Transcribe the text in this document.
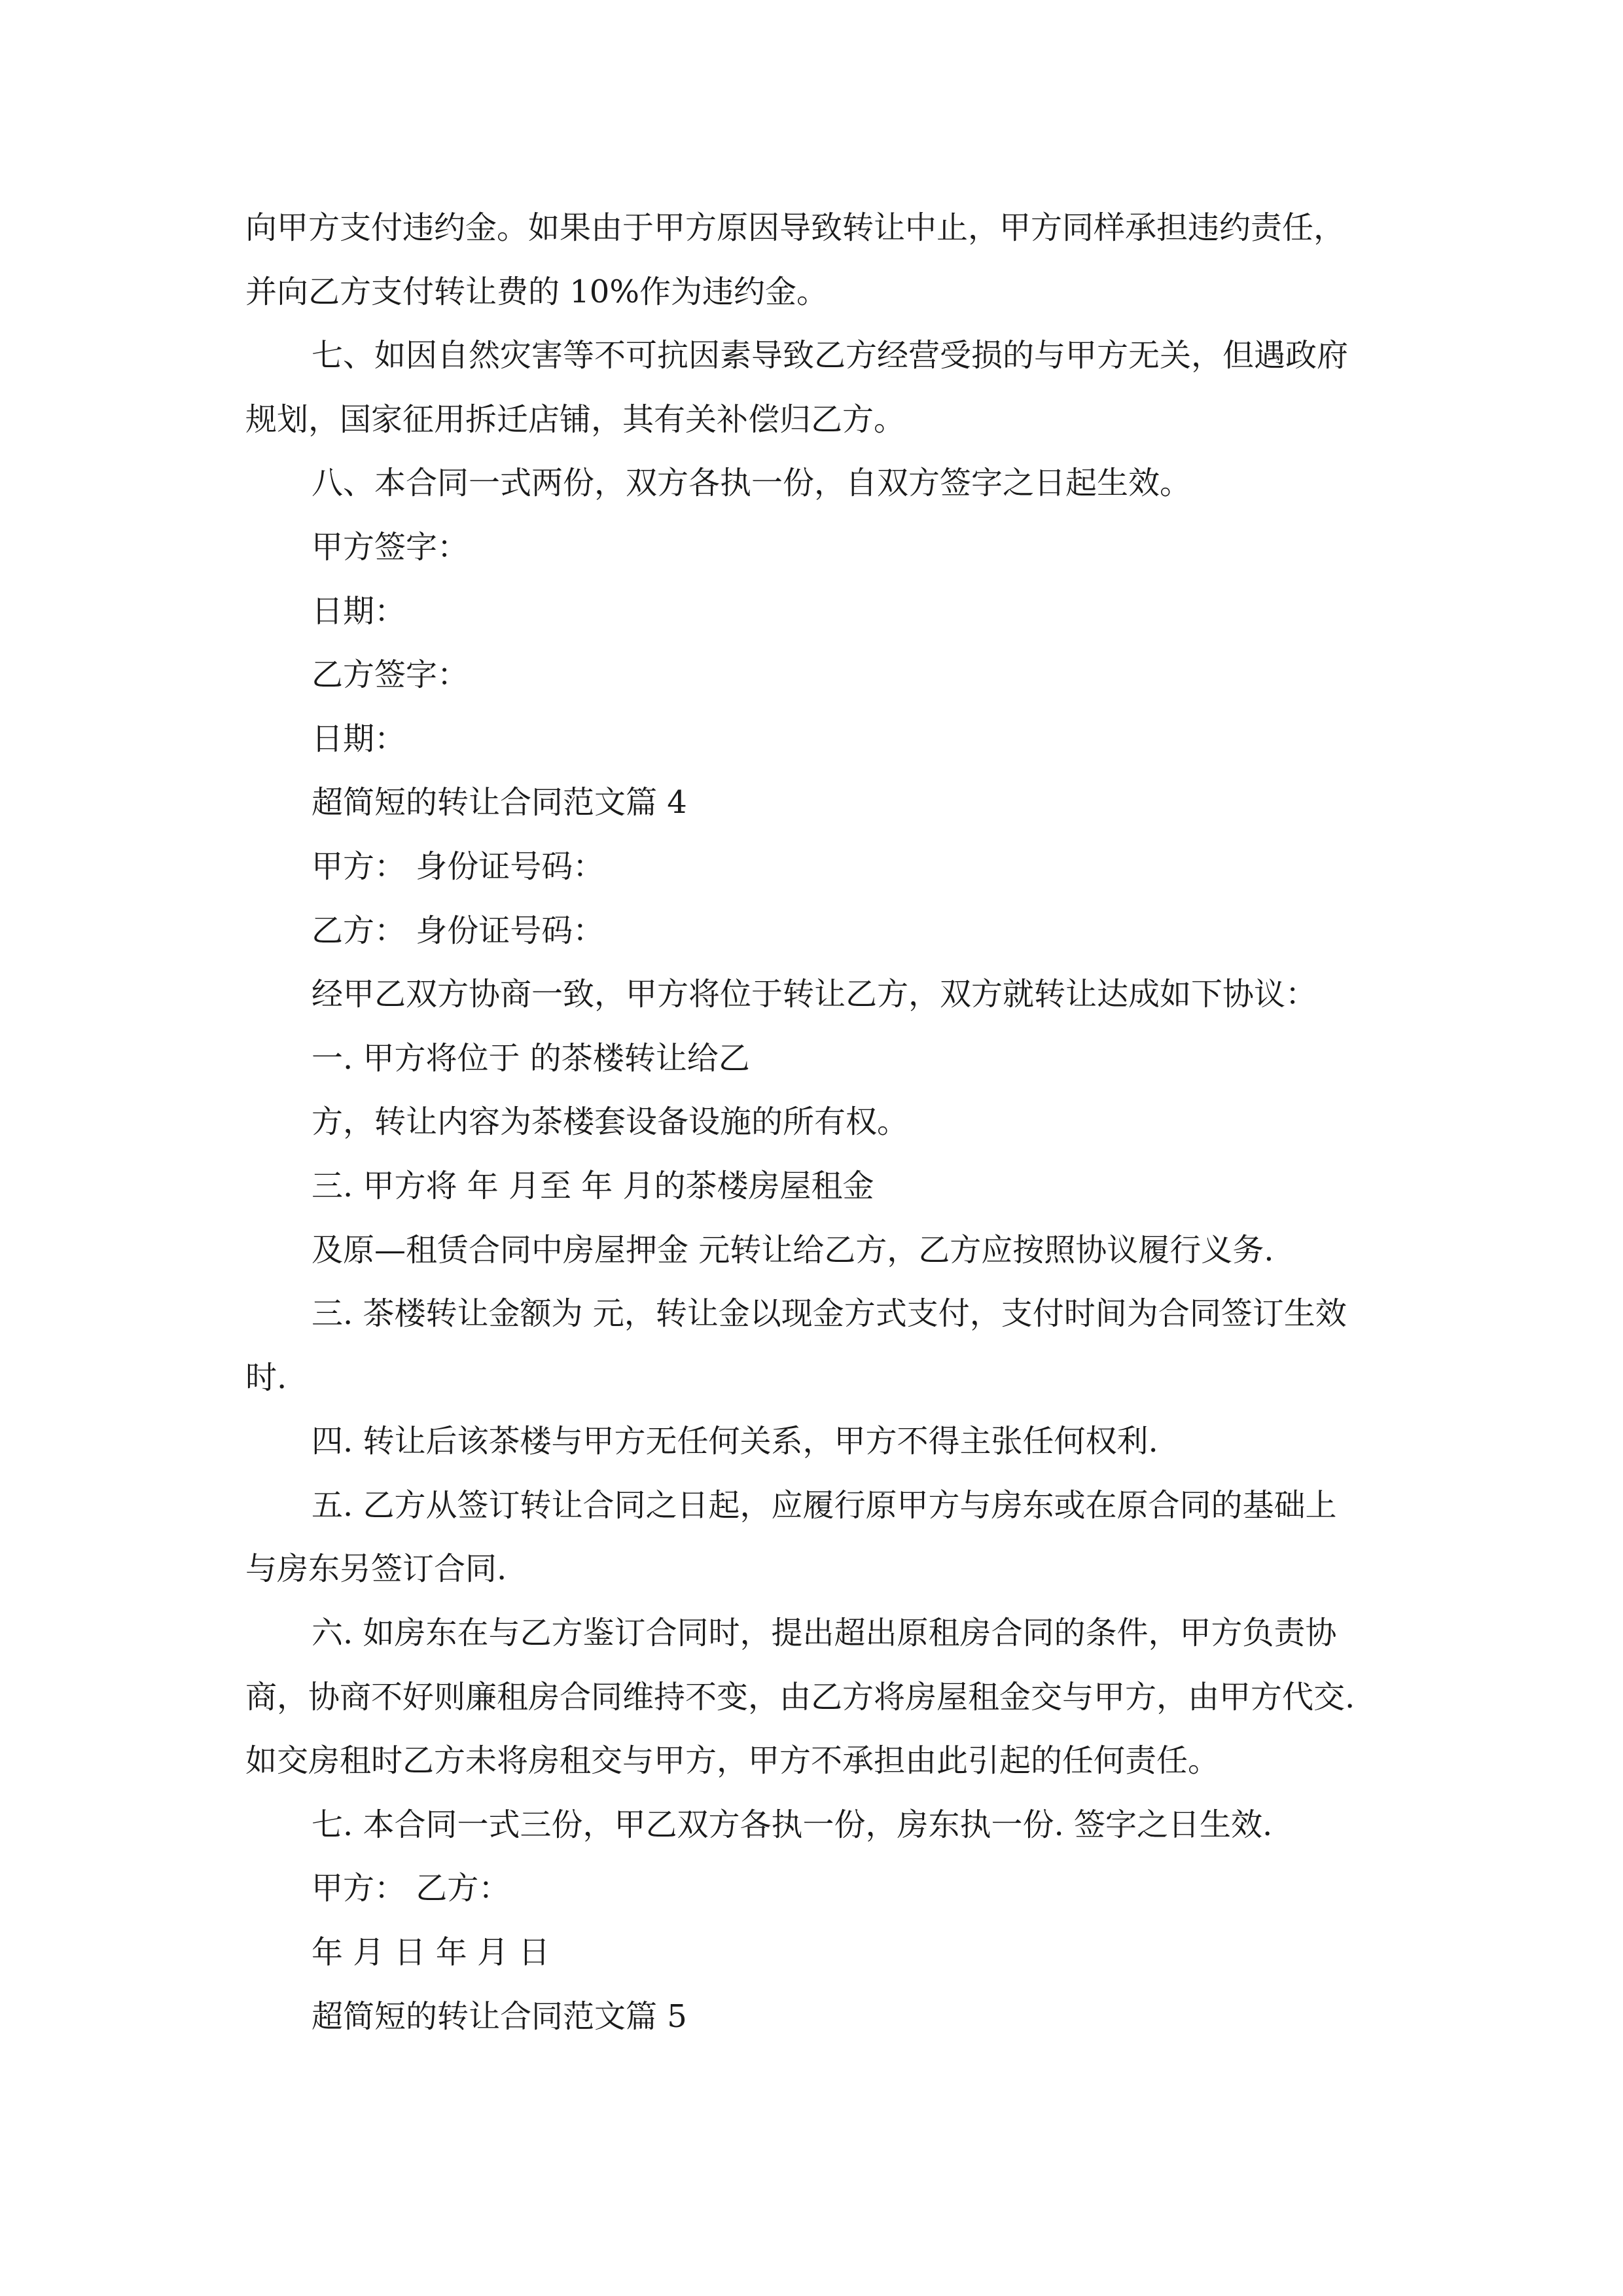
向甲方支付违约金。如果由于甲方原因导致转让中止，甲方同样承担违约责任，

并向乙方支付转让费的 10%作为违约金。

七、如因自然灾害等不可抗因素导致乙方经营受损的与甲方无关，但遇政府

规划，国家征用拆迁店铺，其有关补偿归乙方。

八、本合同一式两份，双方各执一份，自双方签字之日起生效。

甲方签字：

日期：

乙方签字：

日期：

超简短的转让合同范文篇 4

甲方： 身份证号码：

乙方： 身份证号码：

经甲乙双方协商一致，甲方将位于转让乙方，双方就转让达成如下协议：

一. 甲方将位于 的茶楼转让给乙

方，转让内容为茶楼套设备设施的所有权。

三. 甲方将 年 月至 年 月的茶楼房屋租金

及原—租赁合同中房屋押金 元转让给乙方，乙方应按照协议履行义务.

三. 茶楼转让金额为 元，转让金以现金方式支付，支付时间为合同签订生效

时.

四. 转让后该茶楼与甲方无任何关系，甲方不得主张任何权利.

五. 乙方从签订转让合同之日起，应履行原甲方与房东或在原合同的基础上

与房东另签订合同.

六. 如房东在与乙方鉴订合同时，提出超出原租房合同的条件，甲方负责协

商，协商不好则廉租房合同维持不变，由乙方将房屋租金交与甲方，由甲方代交.

如交房租时乙方未将房租交与甲方，甲方不承担由此引起的任何责任。

七. 本合同一式三份，甲乙双方各执一份，房东执一份. 签字之日生效.

甲方： 乙方：

年 月 日 年 月 日

超简短的转让合同范文篇 5
